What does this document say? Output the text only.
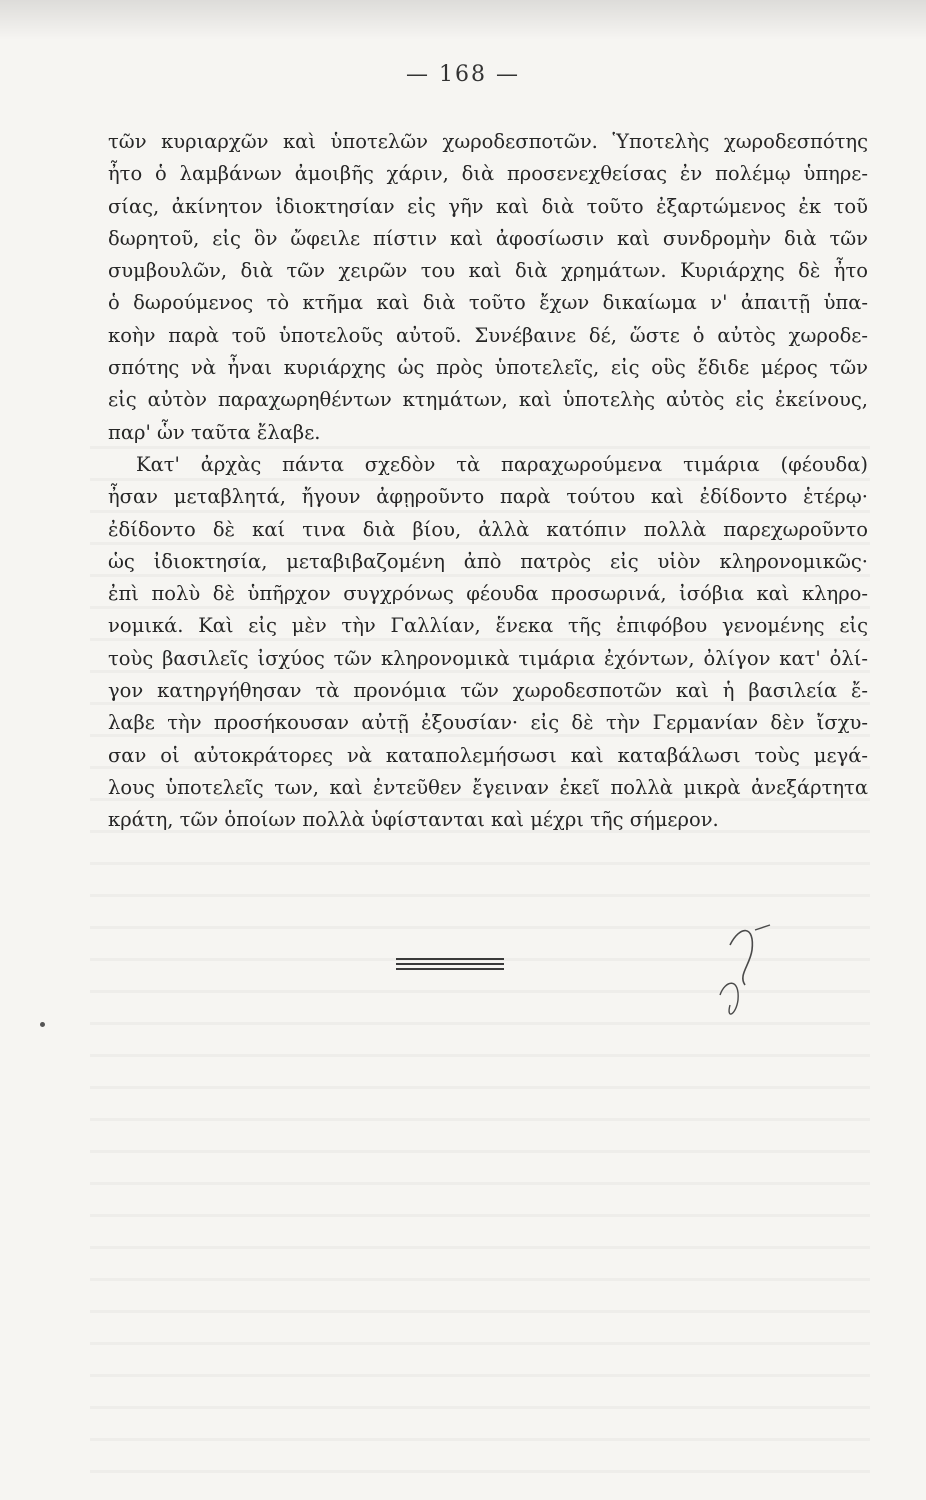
— 168 —
τῶν κυριαρχῶν καὶ ὑποτελῶν χωροδεσποτῶν. Ὑποτελὴς χωροδεσπότης
ἦτο ὁ λαμβάνων ἀμοιβῆς χάριν, διὰ προσενεχθείσας ἐν πολέμῳ ὑπηρε-
σίας, ἀκίνητον ἰδιοκτησίαν εἰς γῆν καὶ διὰ τοῦτο ἐξαρτώμενος ἐκ τοῦ
δωρητοῦ, εἰς ὃν ὤφειλε πίστιν καὶ ἀφοσίωσιν καὶ συνδρομὴν διὰ τῶν
συμβουλῶν, διὰ τῶν χειρῶν του καὶ διὰ χρημάτων. Κυριάρχης δὲ ἦτο
ὁ δωρούμενος τὸ κτῆμα καὶ διὰ τοῦτο ἔχων δικαίωμα ν' ἀπαιτῇ ὑπα-
κοὴν παρὰ τοῦ ὑποτελοῦς αὐτοῦ. Συνέβαινε δέ, ὥστε ὁ αὐτὸς χωροδε-
σπότης νὰ ἦναι κυριάρχης ὡς πρὸς ὑποτελεῖς, εἰς οὓς ἔδιδε μέρος τῶν
εἰς αὐτὸν παραχωρηθέντων κτημάτων, καὶ ὑποτελὴς αὐτὸς εἰς ἐκείνους,
παρ' ὧν ταῦτα ἔλαβε.
Κατ' ἀρχὰς πάντα σχεδὸν τὰ παραχωρούμενα τιμάρια (φέουδα)
ἦσαν μεταβλητά, ἤγουν ἀφῃροῦντο παρὰ τούτου καὶ ἐδίδοντο ἑτέρῳ·
ἐδίδοντο δὲ καί τινα διὰ βίου, ἀλλὰ κατόπιν πολλὰ παρεχωροῦντο
ὡς ἰδιοκτησία, μεταβιβαζομένη ἀπὸ πατρὸς εἰς υἱὸν κληρονομικῶς·
ἐπὶ πολὺ δὲ ὑπῆρχον συγχρόνως φέουδα προσωρινά, ἰσόβια καὶ κληρο-
νομικά. Καὶ εἰς μὲν τὴν Γαλλίαν, ἕνεκα τῆς ἐπιφόβου γενομένης εἰς
τοὺς βασιλεῖς ἰσχύος τῶν κληρονομικὰ τιμάρια ἐχόντων, ὀλίγον κατ' ὀλί-
γον κατηργήθησαν τὰ προνόμια τῶν χωροδεσποτῶν καὶ ἡ βασιλεία ἔ-
λαβε τὴν προσήκουσαν αὐτῇ ἐξουσίαν· εἰς δὲ τὴν Γερμανίαν δὲν ἴσχυ-
σαν οἱ αὐτοκράτορες νὰ καταπολεμήσωσι καὶ καταβάλωσι τοὺς μεγά-
λους ὑποτελεῖς των, καὶ ἐντεῦθεν ἔγειναν ἐκεῖ πολλὰ μικρὰ ἀνεξάρτητα
κράτη, τῶν ὁποίων πολλὰ ὑφίστανται καὶ μέχρι τῆς σήμερον.
